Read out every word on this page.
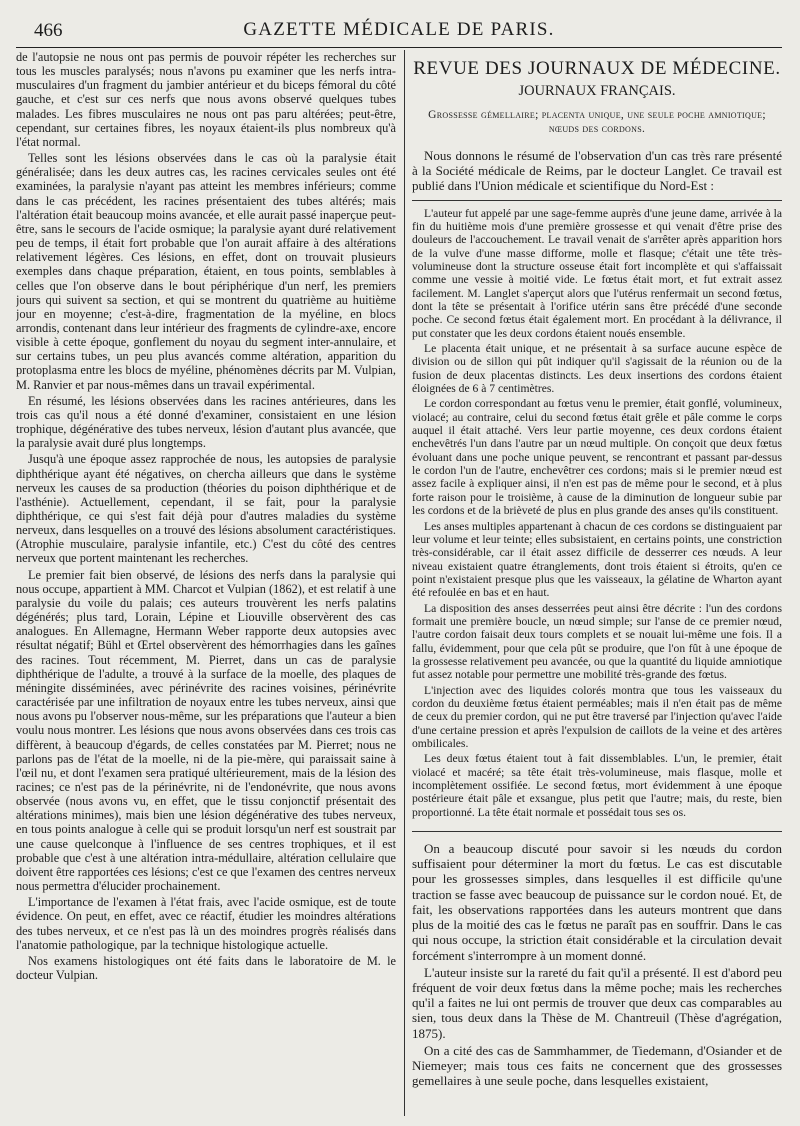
466	GAZETTE MÉDICALE DE PARIS.

de l'autopsie ne nous ont pas permis de pouvoir répéter les recherches sur tous les muscles paralysés; nous n'avons pu examiner que les nerfs intra-musculaires d'un fragment du jambier antérieur et du biceps fémoral du côté gauche, et c'est sur ces nerfs que nous avons observé quelques tubes malades. Les fibres musculaires ne nous ont pas paru altérées; peut-être, cependant, sur certaines fibres, les noyaux étaient-ils plus nombreux qu'à l'état normal.

Telles sont les lésions observées dans le cas où la paralysie était généralisée; dans les deux autres cas, les racines cervicales seules ont été examinées, la paralysie n'ayant pas atteint les membres inférieurs; comme dans le cas précédent, les racines présentaient des tubes altérés; mais l'altération était beaucoup moins avancée, et elle aurait passé inaperçue peut-être, sans le secours de l'acide osmique; la paralysie ayant duré relativement peu de temps, il était fort probable que l'on aurait affaire à des altérations relativement légères. Ces lésions, en effet, dont on trouvait plusieurs exemples dans chaque préparation, étaient, en tous points, semblables à celles que l'on observe dans le bout périphérique d'un nerf, les premiers jours qui suivent sa section, et qui se montrent du quatrième au huitième jour en moyenne; c'est-à-dire, fragmentation de la myéline, en blocs arrondis, contenant dans leur intérieur des fragments de cylindre-axe, encore visible à cette époque, gonflement du noyau du segment inter-annulaire, et sur certains tubes, un peu plus avancés comme altération, apparition du protoplasma entre les blocs de myéline, phénomènes décrits par M. Vulpian, M. Ranvier et par nous-mêmes dans un travail expérimental.

En résumé, les lésions observées dans les racines antérieures, dans les trois cas qu'il nous a été donné d'examiner, consistaient en une lésion trophique, dégénérative des tubes nerveux, lésion d'autant plus avancée, que la paralysie avait duré plus longtemps.

Jusqu'à une époque assez rapprochée de nous, les autopsies de paralysie diphthérique ayant été négatives, on chercha ailleurs que dans le système nerveux les causes de sa production (théories du poison diphthérique et de l'asthénie). Actuellement, cependant, il se fait, pour la paralysie diphthérique, ce qui s'est fait déjà pour d'autres maladies du système nerveux, dans lesquelles on a trouvé des lésions absolument caractéristiques. (Atrophie musculaire, paralysie infantile, etc.) C'est du côté des centres nerveux que portent maintenant les recherches.

Le premier fait bien observé, de lésions des nerfs dans la paralysie qui nous occupe, appartient à MM. Charcot et Vulpian (1862), et est relatif à une paralysie du voile du palais; ces auteurs trouvèrent les nerfs palatins dégénérés; plus tard, Lorain, Lépine et Liouville observèrent des cas analogues. En Allemagne, Hermann Weber rapporte deux autopsies avec résultat négatif; Bühl et Œrtel observèrent des hémorrhagies dans les gaînes des racines. Tout récemment, M. Pierret, dans un cas de paralysie diphthérique de l'adulte, a trouvé à la surface de la moelle, des plaques de méningite disséminées, avec périnévrite des racines voisines, périnévrite caractérisée par une infiltration de noyaux entre les tubes nerveux, ainsi que nous avons pu l'observer nous-même, sur les préparations que l'auteur a bien voulu nous montrer. Les lésions que nous avons observées dans ces trois cas diffèrent, à beaucoup d'égards, de celles constatées par M. Pierret; nous ne parlons pas de l'état de la moelle, ni de la pie-mère, qui paraissait saine à l'œil nu, et dont l'examen sera pratiqué ultérieurement, mais de la lésion des racines; ce n'est pas de la périnévrite, ni de l'endonévrite, que nous avons observée (nous avons vu, en effet, que le tissu conjonctif présentait des altérations minimes), mais bien une lésion dégénérative des tubes nerveux, en tous points analogue à celle qui se produit lorsqu'un nerf est soustrait par une cause quelconque à l'influence de ses centres trophiques, et il est probable que c'est à une altération intra-médullaire, altération cellulaire que doivent être rapportées ces lésions; c'est ce que l'examen des centres nerveux nous permettra d'élucider prochainement.

L'importance de l'examen à l'état frais, avec l'acide osmique, est de toute évidence. On peut, en effet, avec ce réactif, étudier les moindres altérations des tubes nerveux, et ce n'est pas là un des moindres progrès réalisés dans l'anatomie pathologique, par la technique histologique actuelle.

Nos examens histologiques ont été faits dans le laboratoire de M. le docteur Vulpian.

REVUE DES JOURNAUX DE MÉDECINE.
JOURNAUX FRANÇAIS.
Grossesse gémellaire; placenta unique, une seule poche amniotique; nœuds des cordons.

Nous donnons le résumé de l'observation d'un cas très rare présenté à la Société médicale de Reims, par le docteur Langlet. Ce travail est publié dans l'Union médicale et scientifique du Nord-Est :

L'auteur fut appelé par une sage-femme auprès d'une jeune dame, arrivée à la fin du huitième mois d'une première grossesse et qui venait d'être prise des douleurs de l'accouchement. Le travail venait de s'arrêter après apparition hors de la vulve d'une masse difforme, molle et flasque; c'était une tête très-volumineuse dont la structure osseuse était fort incomplète et qui s'affaissait comme une vessie à moitié vide. Le fœtus était mort, et fut extrait assez facilement. M. Langlet s'aperçut alors que l'utérus renfermait un second fœtus, dont la tête se présentait à l'orifice utérin sans être précédé d'une seconde poche. Ce second fœtus était également mort. En procédant à la délivrance, il put constater que les deux cordons étaient noués ensemble.

Le placenta était unique, et ne présentait à sa surface aucune espèce de division ou de sillon qui pût indiquer qu'il s'agissait de la réunion ou de la fusion de deux placentas distincts. Les deux insertions des cordons étaient éloignées de 6 à 7 centimètres.

Le cordon correspondant au fœtus venu le premier, était gonflé, volumineux, violacé; au contraire, celui du second fœtus était grêle et pâle comme le corps auquel il était attaché. Vers leur partie moyenne, ces deux cordons étaient enchevêtrés l'un dans l'autre par un nœud multiple. On conçoit que deux fœtus évoluant dans une poche unique peuvent, se rencontrant et passant par-dessus le cordon l'un de l'autre, enchevêtrer ces cordons; mais si le premier nœud est assez facile à expliquer ainsi, il n'en est pas de même pour le second, et à plus forte raison pour le troisième, à cause de la diminution de longueur subie par les cordons et de la brièveté de plus en plus grande des anses qu'ils constituent.

Les anses multiples appartenant à chacun de ces cordons se distinguaient par leur volume et leur teinte; elles subsistaient, en certains points, une constriction très-considérable, car il était assez difficile de desserrer ces nœuds. A leur niveau existaient quatre étranglements, dont trois étaient si étroits, qu'en ce point n'existaient presque plus que les vaisseaux, la gélatine de Wharton ayant été refoulée en bas et en haut.

La disposition des anses desserrées peut ainsi être décrite : l'un des cordons formait une première boucle, un nœud simple; sur l'anse de ce premier nœud, l'autre cordon faisait deux tours complets et se nouait lui-même une fois. Il a fallu, évidemment, pour que cela pût se produire, que l'on fût à une époque de la grossesse relativement peu avancée, ou que la quantité du liquide amniotique fut assez notable pour permettre une mobilité très-grande des fœtus.

L'injection avec des liquides colorés montra que tous les vaisseaux du cordon du deuxième fœtus étaient perméables; mais il n'en était pas de même de ceux du premier cordon, qui ne put être traversé par l'injection qu'avec l'aide d'une certaine pression et après l'expulsion de caillots de la veine et des artères ombilicales.

Les deux fœtus étaient tout à fait dissemblables. L'un, le premier, était violacé et macéré; sa tête était très-volumineuse, mais flasque, molle et incomplètement ossifiée. Le second fœtus, mort évidemment à une époque postérieure était pâle et exsangue, plus petit que l'autre; mais, du reste, bien proportionné. La tête était normale et possédait tous ses os.

On a beaucoup discuté pour savoir si les nœuds du cordon suffisaient pour déterminer la mort du fœtus. Le cas est discutable pour les grossesses simples, dans lesquelles il est difficile qu'une traction se fasse avec beaucoup de puissance sur le cordon noué. Et, de fait, les observations rapportées dans les auteurs montrent que dans plus de la moitié des cas le fœtus ne paraît pas en souffrir. Dans le cas qui nous occupe, la striction était considérable et la circulation devait forcément s'interrompre à un moment donné.

L'auteur insiste sur la rareté du fait qu'il a présenté. Il est d'abord peu fréquent de voir deux fœtus dans la même poche; mais les recherches qu'il a faites ne lui ont permis de trouver que deux cas comparables au sien, tous deux dans la Thèse de M. Chantreuil (Thèse d'agrégation, 1875).

On a cité des cas de Sammhammer, de Tiedemann, d'Osiander et de Niemeyer; mais tous ces faits ne concernent que des grossesses gemellaires à une seule poche, dans lesquelles existaient,
